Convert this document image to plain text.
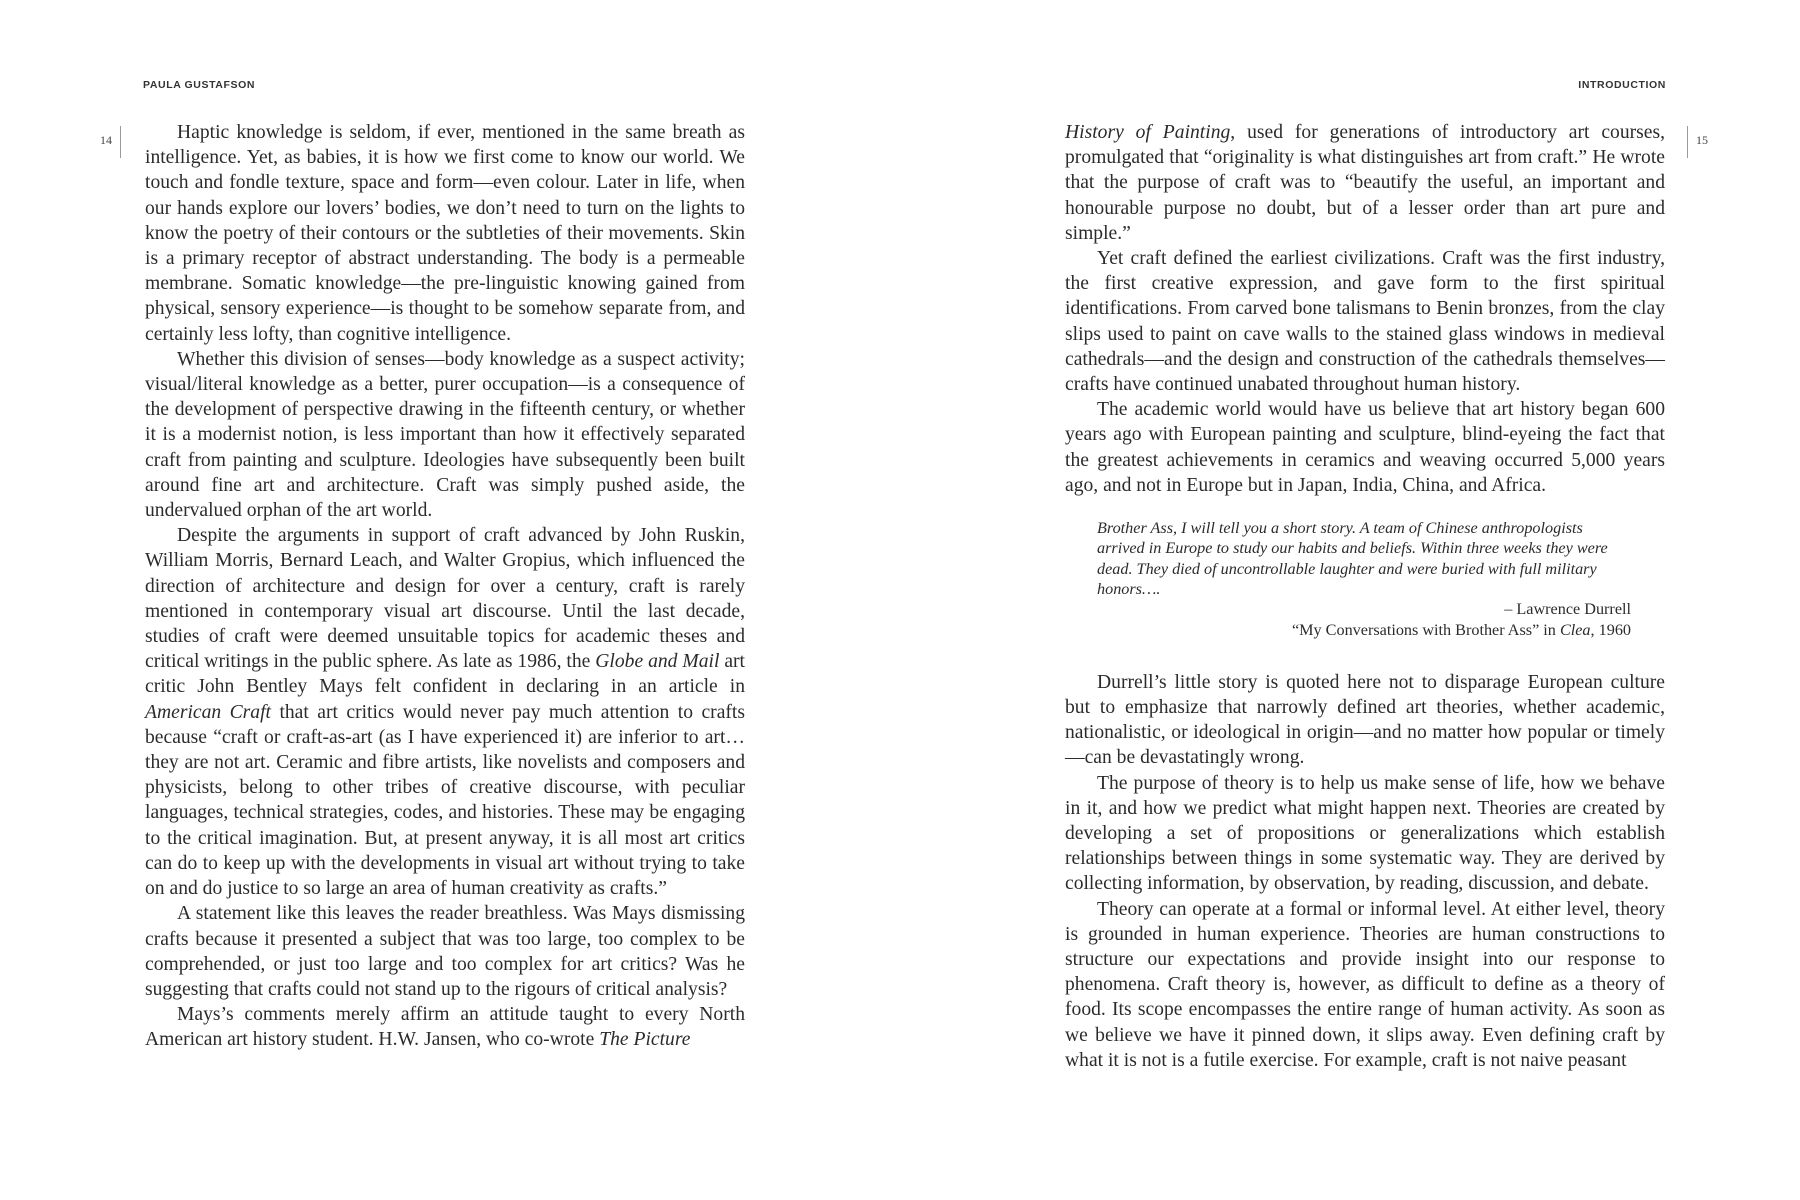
PAULA GUSTAFSON
14	Haptic knowledge is seldom, if ever, mentioned in the same breath as intelligence. Yet, as babies, it is how we first come to know our world. We touch and fondle texture, space and form—even colour. Later in life, when our hands explore our lovers’ bodies, we don’t need to turn on the lights to know the poetry of their contours or the subtleties of their movements. Skin is a primary receptor of abstract understanding. The body is a permeable membrane. Somatic knowledge—the pre-linguistic knowing gained from physical, sensory experience—is thought to be somehow separate from, and certainly less lofty, than cognitive intelligence.

Whether this division of senses—body knowledge as a suspect activity; visual/literal knowledge as a better, purer occupation—is a consequence of the development of perspective drawing in the fifteenth century, or whether it is a modernist notion, is less important than how it effectively separated craft from painting and sculpture. Ideologies have subsequently been built around fine art and architecture. Craft was simply pushed aside, the undervalued orphan of the art world.

Despite the arguments in support of craft advanced by John Ruskin, William Morris, Bernard Leach, and Walter Gropius, which influenced the direction of architecture and design for over a century, craft is rarely mentioned in contemporary visual art discourse. Until the last decade, studies of craft were deemed unsuitable topics for academic theses and critical writings in the public sphere. As late as 1986, the Globe and Mail art critic John Bentley Mays felt confident in declaring in an article in American Craft that art critics would never pay much attention to crafts because “craft or craft-as-art (as I have experienced it) are inferior to art…they are not art. Ceramic and fibre artists, like novelists and composers and physicists, belong to other tribes of creative discourse, with peculiar languages, technical strategies, codes, and histories. These may be engaging to the critical imagination. But, at present anyway, it is all most art critics can do to keep up with the developments in visual art without trying to take on and do justice to so large an area of human creativity as crafts.”

A statement like this leaves the reader breathless. Was Mays dismissing crafts because it presented a subject that was too large, too complex to be comprehended, or just too large and too complex for art critics? Was he suggesting that crafts could not stand up to the rigours of critical analysis?

Mays’s comments merely affirm an attitude taught to every North American art history student. H.W. Jansen, who co-wrote The Picture

INTRODUCTION
15

History of Painting, used for generations of introductory art courses, promulgated that “originality is what distinguishes art from craft.” He wrote that the purpose of craft was to “beautify the useful, an important and honourable purpose no doubt, but of a lesser order than art pure and simple.”

Yet craft defined the earliest civilizations. Craft was the first industry, the first creative expression, and gave form to the first spiritual identifications. From carved bone talismans to Benin bronzes, from the clay slips used to paint on cave walls to the stained glass windows in medieval cathedrals—and the design and construction of the cathedrals themselves—crafts have continued unabated throughout human history.

The academic world would have us believe that art history began 600 years ago with European painting and sculpture, blind-eyeing the fact that the greatest achievements in ceramics and weaving occurred 5,000 years ago, and not in Europe but in Japan, India, China, and Africa.

Brother Ass, I will tell you a short story. A team of Chinese anthropologists arrived in Europe to study our habits and beliefs. Within three weeks they were dead. They died of uncontrollable laughter and were buried with full military honors….
– Lawrence Durrell
“My Conversations with Brother Ass” in Clea, 1960

Durrell’s little story is quoted here not to disparage European culture but to emphasize that narrowly defined art theories, whether academic, nationalistic, or ideological in origin—and no matter how popular or timely—can be devastatingly wrong.

The purpose of theory is to help us make sense of life, how we behave in it, and how we predict what might happen next. Theories are created by developing a set of propositions or generalizations which establish relationships between things in some systematic way. They are derived by collecting information, by observation, by reading, discussion, and debate.

Theory can operate at a formal or informal level. At either level, theory is grounded in human experience. Theories are human constructions to structure our expectations and provide insight into our response to phenomena. Craft theory is, however, as difficult to define as a theory of food. Its scope encompasses the entire range of human activity. As soon as we believe we have it pinned down, it slips away. Even defining craft by what it is not is a futile exercise. For example, craft is not naive peasant
